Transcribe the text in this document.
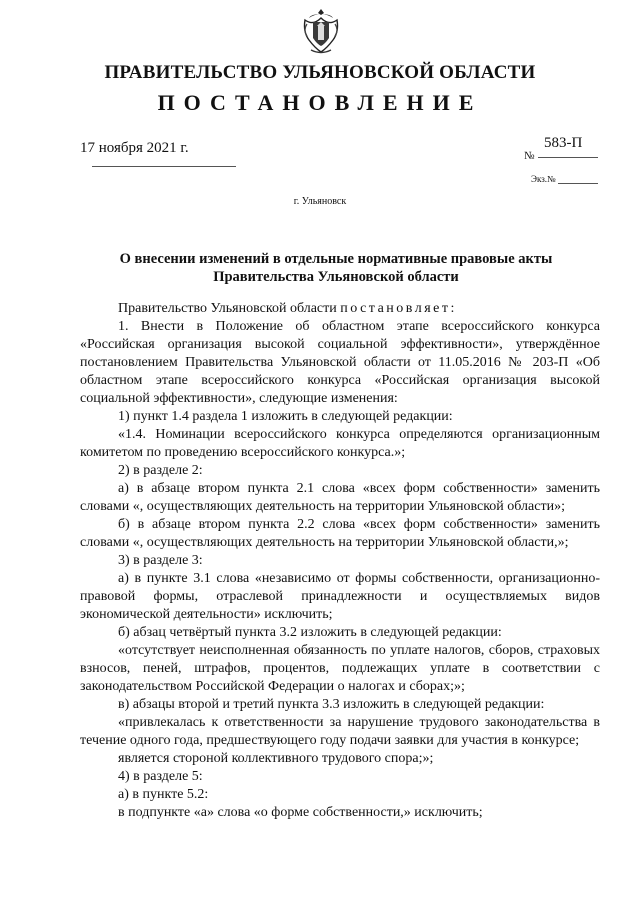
ПРАВИТЕЛЬСТВО УЛЬЯНОВСКОЙ ОБЛАСТИ
ПОСТАНОВЛЕНИЕ
17 ноября 2021 г.	№
583-П
Экз.№
г. Ульяновск
О внесении изменений в отдельные нормативные правовые акты
Правительства Ульяновской области

Правительство Ульяновской области постановляет:

1. Внести в Положение об областном этапе всероссийского конкурса «Российская организация высокой социальной эффективности», утверждённое постановлением Правительства Ульяновской области от 11.05.2016 № 203-П «Об областном этапе всероссийского конкурса «Российская организация высокой социальной эффективности», следующие изменения:

1) пункт 1.4 раздела 1 изложить в следующей редакции:

«1.4. Номинации всероссийского конкурса определяются организационным комитетом по проведению всероссийского конкурса.»;

2) в разделе 2:

а) в абзаце втором пункта 2.1 слова «всех форм собственности» заменить словами «, осуществляющих деятельность на территории Ульяновской области»;

б) в абзаце втором пункта 2.2 слова «всех форм собственности» заменить словами «, осуществляющих деятельность на территории Ульяновской области,»;

3) в разделе 3:

а) в пункте 3.1 слова «независимо от формы собственности, организационно-правовой формы, отраслевой принадлежности и осуществляемых видов экономической деятельности» исключить;

б) абзац четвёртый пункта 3.2 изложить в следующей редакции:

«отсутствует неисполненная обязанность по уплате налогов, сборов, страховых взносов, пеней, штрафов, процентов, подлежащих уплате в соответствии с законодательством Российской Федерации о налогах и сборах;»;

в) абзацы второй и третий пункта 3.3 изложить в следующей редакции:

«привлекалась к ответственности за нарушение трудового законодательства в течение одного года, предшествующего году подачи заявки для участия в конкурсе;

является стороной коллективного трудового спора;»;

4) в разделе 5:

а) в пункте 5.2:

в подпункте «а» слова «о форме собственности,» исключить;
